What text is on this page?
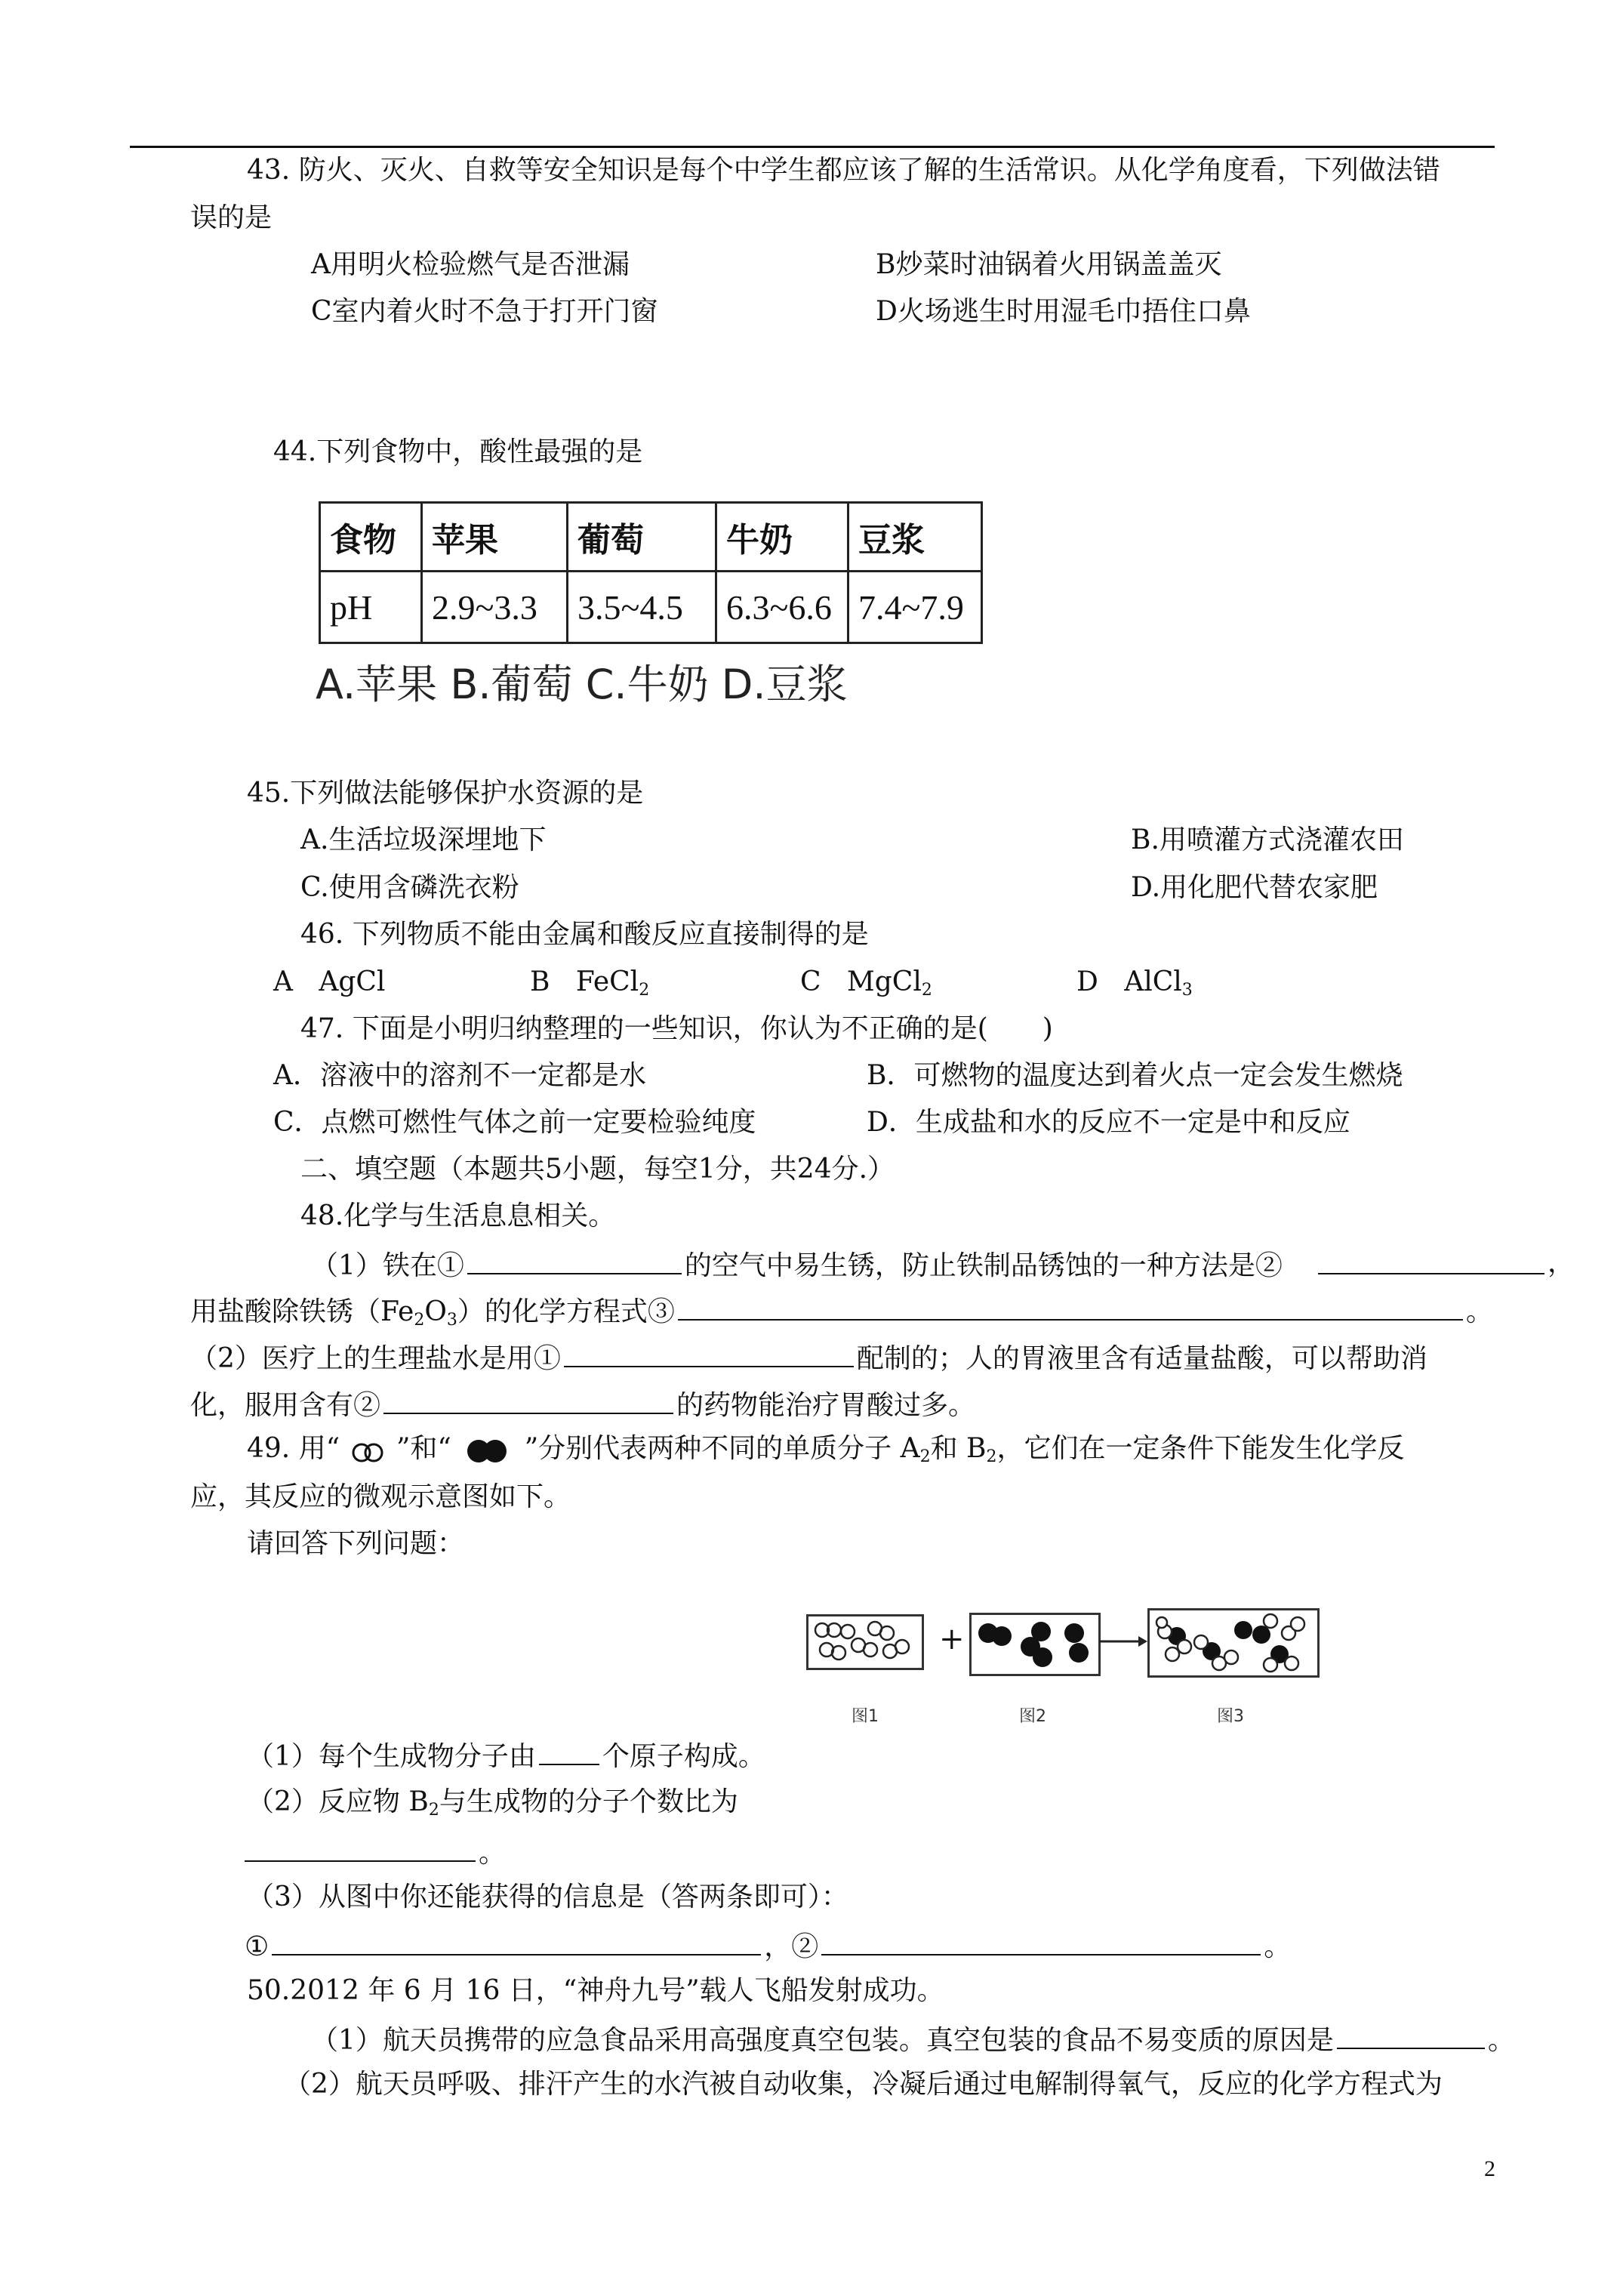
43. 防火、灭火、自救等安全知识是每个中学生都应该了解的生活常识。从化学角度看，下列做法错
误的是
A用明火检验燃气是否泄漏	B炒菜时油锅着火用锅盖盖灭
C室内着火时不急于打开门窗	D火场逃生时用湿毛巾捂住口鼻
44.下列食物中，酸性最强的是
食物	苹果	葡萄	牛奶	豆浆
pH	2.9~3.3	3.5~4.5	6.3~6.6	7.4~7.9
A.苹果 B.葡萄 C.牛奶 D.豆浆
45.下列做法能够保护水资源的是
A.生活垃圾深埋地下	B.用喷灌方式浇灌农田
C.使用含磷洗衣粉	D.用化肥代替农家肥
46. 下列物质不能由金属和酸反应直接制得的是
A AgCl	B FeCl$_2$	C MgCl$_2$	D AlCl$_3$
47. 下面是小明归纳整理的一些知识，你认为不正确的是(　　)
A．溶液中的溶剂不一定都是水	B．可燃物的温度达到着火点一定会发生燃烧
C．点燃可燃性气体之前一定要检验纯度	D．生成盐和水的反应不一定是中和反应
二、填空题（本题共5小题，每空1分，共24分.）
48.化学与生活息息相关。
（1）铁在①	的空气中易生锈，防止铁制品锈蚀的一种方法是②	，
用盐酸除铁锈$(Fe_2O_3)$的化学方程式③	。
（2）医疗上的生理盐水是用①	配制的；人的胃液里含有适量盐酸，可以帮助消
化，服用含有②	的药物能治疗胃酸过多。
49. 用“ ”和“	”分别代表两种不同的单质分子 $A_2$和 $B_2$，它们在一定条件下能发生化学反
应，其反应的微观示意图如下。
请回答下列问题：
+
图1	图2	图3
（1）每个生成物分子由 个原子构成。
（2）反应物 $B_2$与生成物的分子个数比为
。
（3）从图中你还能获得的信息是（答两条即可）：
①	，②	。
50.2012 年 6 月 16 日，“神舟九号”载人飞船发射成功。
（1）航天员携带的应急食品采用高强度真空包装。真空包装的食品不易变质的原因是	。
（2）航天员呼吸、排汗产生的水汽被自动收集，冷凝后通过电解制得氧气，反应的化学方程式为
2
